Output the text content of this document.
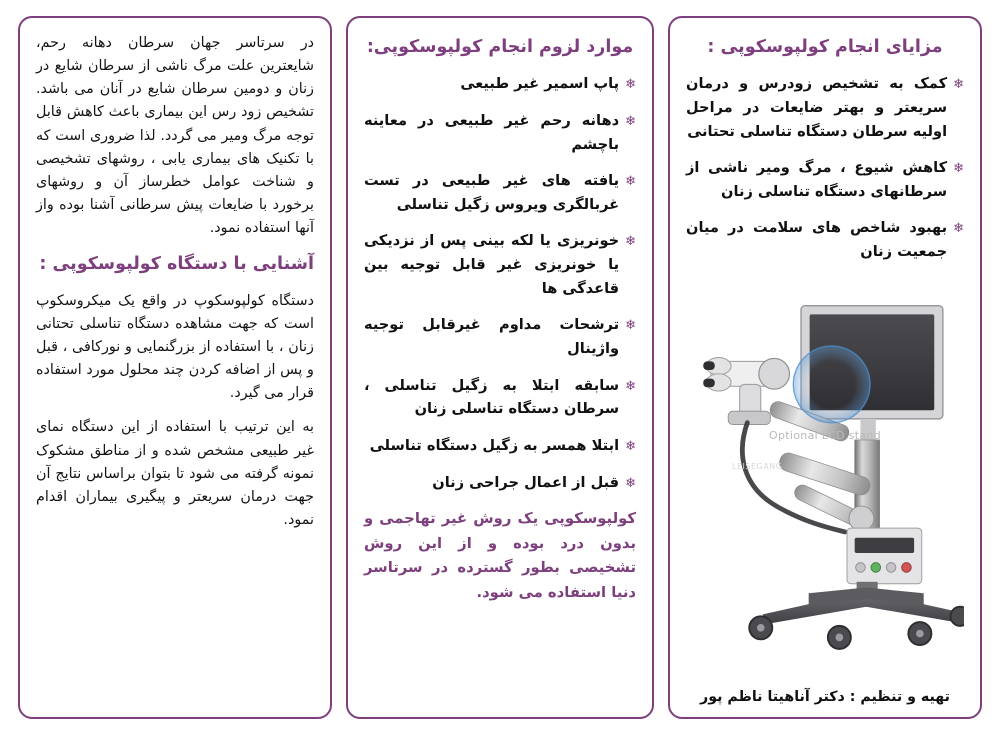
در سرتاسر جهان سرطان دهانه رحم، شایعترین علت مرگ ناشی از سرطان شایع در زنان و دومین سرطان شایع در آنان می باشد. تشخیص زود رس این بیماری باعث کاهش قابل توجه مرگ ومیر می گردد. لذا ضروری است که با تکنیک های بیماری یابی ، روشهای تشخیصی و شناخت عوامل خطرساز آن و روشهای برخورد با ضایعات پیش سرطانی آشنا بوده واز آنها استفاده نمود.

آشنایی با دستگاه کولپوسکوپی :

دستگاه کولپوسکوپ در واقع یک میکروسکوپ است که جهت مشاهده دستگاه تناسلی تحتانی زنان ، با استفاده از بزرگنمایی و نورکافی ، قبل و پس از اضافه کردن چند محلول مورد استفاده قرار می گیرد.

به این ترتیب با استفاده از این دستگاه نمای غیر طبیعی مشخص شده و از مناطق مشکوک نمونه گرفته می شود تا بتوان براساس نتایج آن جهت درمان سریعتر و پیگیری بیماران اقدام نمود.

موارد لزوم انجام کولپوسکوپی:
❄
پاپ اسمیر غیر طبیعی
❄
دهانه رحم غیر طبیعی در معاینه باچشم
❄
یافته های غیر طبیعی در تست غربالگری ویروس زگیل تناسلی
❄
خونریزی یا لکه بینی پس از نزدیکی یا خونریزی غیر قابل توجیه بین قاعدگی ها
❄
ترشحات مداوم غیرقابل توجیه واژینال
❄
سابقه ابتلا به زگیل تناسلی ، سرطان دستگاه تناسلی زنان
❄
ابتلا همسر به زگیل دستگاه تناسلی
❄
قبل از اعمال جراحی زنان

کولپوسکوپی یک روش غیر تهاجمی و بدون درد بوده و از این روش تشخیصی بطور گسترده در سرتاسر دنیا استفاده می شود.

مزایای انجام کولپوسکوپی :
❄
کمک به تشخیص زودرس و درمان سریعتر و بهتر ضایعات در مراحل اولیه سرطان دستگاه تناسلی تحتانی
❄
کاهش شیوع ، مرگ ومیر ناشی از سرطانهای دستگاه تناسلی زنان
❄
بهبود شاخص های سلامت در میان جمعیت زنان
Optional LCD stand
LEISEGANG
تهیه و تنظیم : دکتر آناهیتا ناظم پور
